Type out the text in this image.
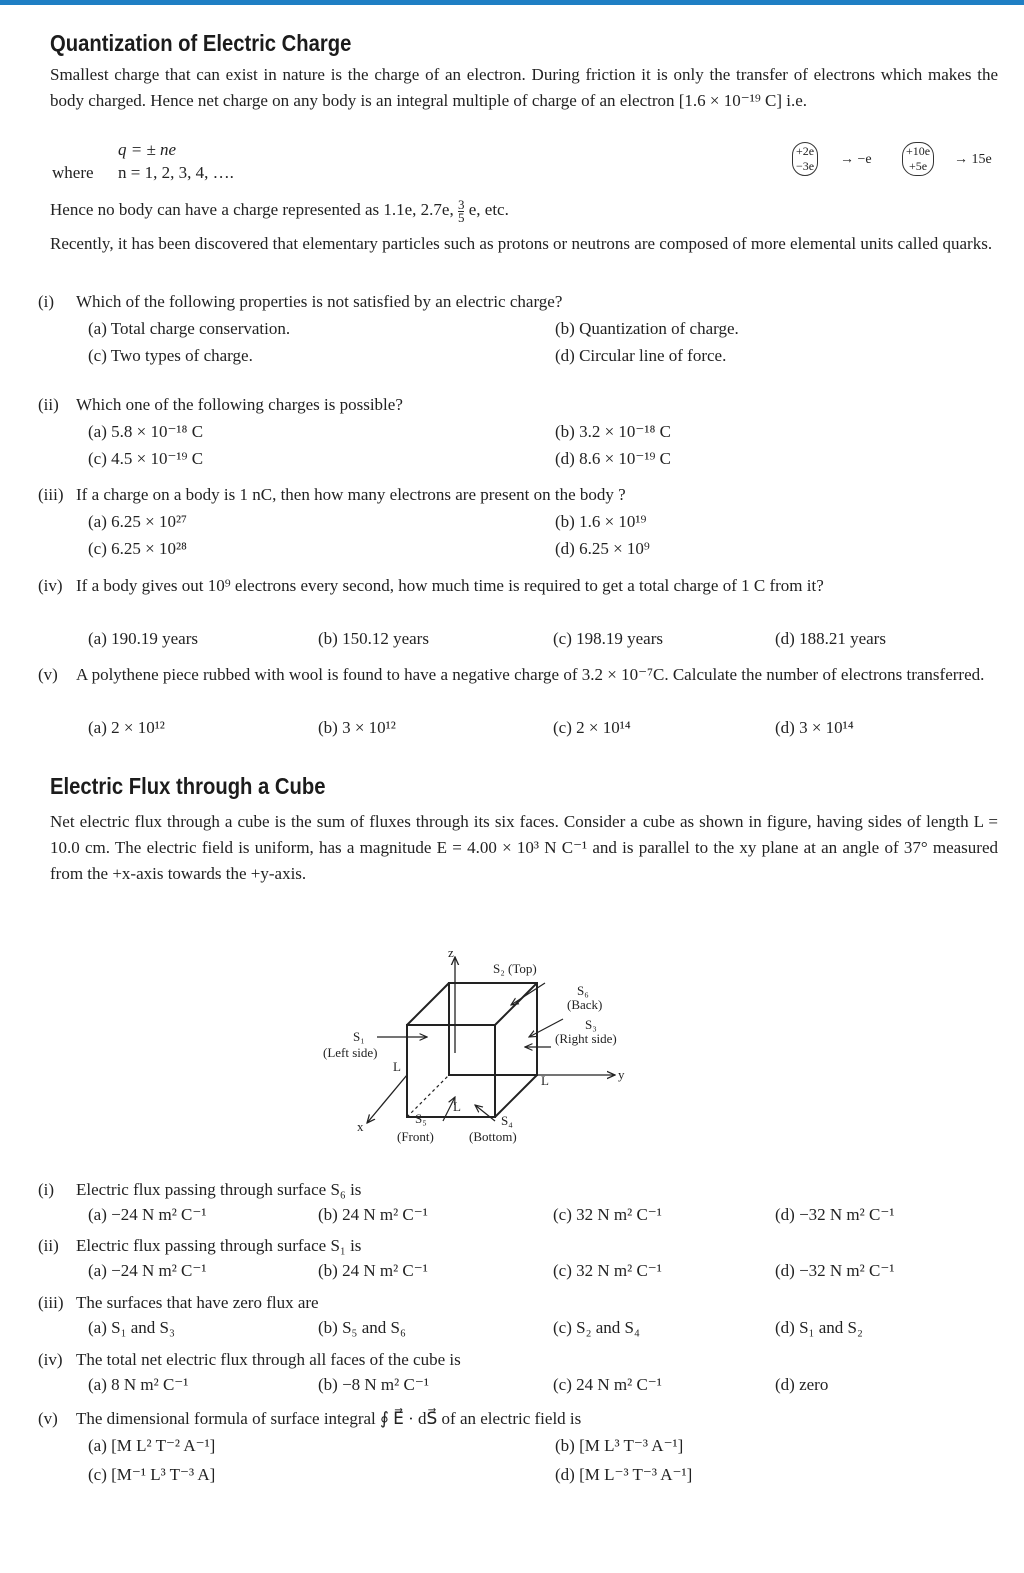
Quantization of Electric Charge

Smallest charge that can exist in nature is the charge of an electron. During friction it is only the transfer of electrons which makes the body charged. Hence net charge on any body is an integral multiple of charge of an electron [1.6 × 10⁻¹⁹ C] i.e.

q = ± ne

where n = 1, 2, 3, 4, ….

+2e
−3e → −e
+10e
+5e → 15e

Hence no body can have a charge represented as 1.1e, 2.7e, $\frac{3}{5} e$, etc.

Recently, it has been discovered that elementary particles such as protons or neutrons are composed of more elemental units called quarks.

(i) Which of the following properties is not satisfied by an electric charge?

(a) Total charge conservation.	(b) Quantization of charge.

(c) Two types of charge.	(d) Circular line of force.

(ii) Which one of the following charges is possible?

(a) 5.8 × 10⁻¹⁸ C	(b) 3.2 × 10⁻¹⁸ C

(c) 4.5 × 10⁻¹⁹ C	(d) 8.6 × 10⁻¹⁹ C

(iii) If a charge on a body is 1 nC, then how many electrons are present on the body ?

(a) 6.25 × 10²⁷	(b) 1.6 × 10¹⁹

(c) 6.25 × 10²⁸	(d) 6.25 × 10⁹

(iv) If a body gives out 10⁹ electrons every second, how much time is required to get a total charge of 1 C from it?

(a) 190.19 years	(b) 150.12 years	(c) 198.19 years	(d) 188.21 years

(v) A polythene piece rubbed with wool is found to have a negative charge of 3.2 × 10⁻⁷C. Calculate the number of electrons transferred.

(a) 2 × 10¹²	(b) 3 × 10¹²	(c) 2 × 10¹⁴	(d) 3 × 10¹⁴

Electric Flux through a Cube

Net electric flux through a cube is the sum of fluxes through its six faces. Consider a cube as shown in figure, having sides of length L = 10.0 cm. The electric field is uniform, has a magnitude E = 4.00 × 10³ N C⁻¹ and is parallel to the xy plane at an angle of 37° measured from the +x-axis towards the +y-axis.

z
y
x
S₂ (Top)
S₆
(Back)
S₃
(Right side)
S₁
(Left side)
L
L
L
S₅
(Front)
S₄
(Bottom)

(i) Electric flux passing through surface S₆ is

(a) −24 N m² C⁻¹	(b) 24 N m² C⁻¹	(c) 32 N m² C⁻¹	(d) −32 N m² C⁻¹

(ii) Electric flux passing through surface S₁ is

(a) −24 N m² C⁻¹	(b) 24 N m² C⁻¹	(c) 32 N m² C⁻¹	(d) −32 N m² C⁻¹

(iii) The surfaces that have zero flux are

(a) S₁ and S₃	(b) S₅ and S₆	(c) S₂ and S₄	(d) S₁ and S₂

(iv) The total net electric flux through all faces of the cube is

(a) 8 N m² C⁻¹	(b) −8 N m² C⁻¹	(c) 24 N m² C⁻¹	(d) zero

(v) The dimensional formula of surface integral ∮ E⃗ · dS⃗ of an electric field is

(a) [M L² T⁻² A⁻¹]	(b) [M L³ T⁻³ A⁻¹]

(c) [M⁻¹ L³ T⁻³ A]	(d) [M L⁻³ T⁻³ A⁻¹]
